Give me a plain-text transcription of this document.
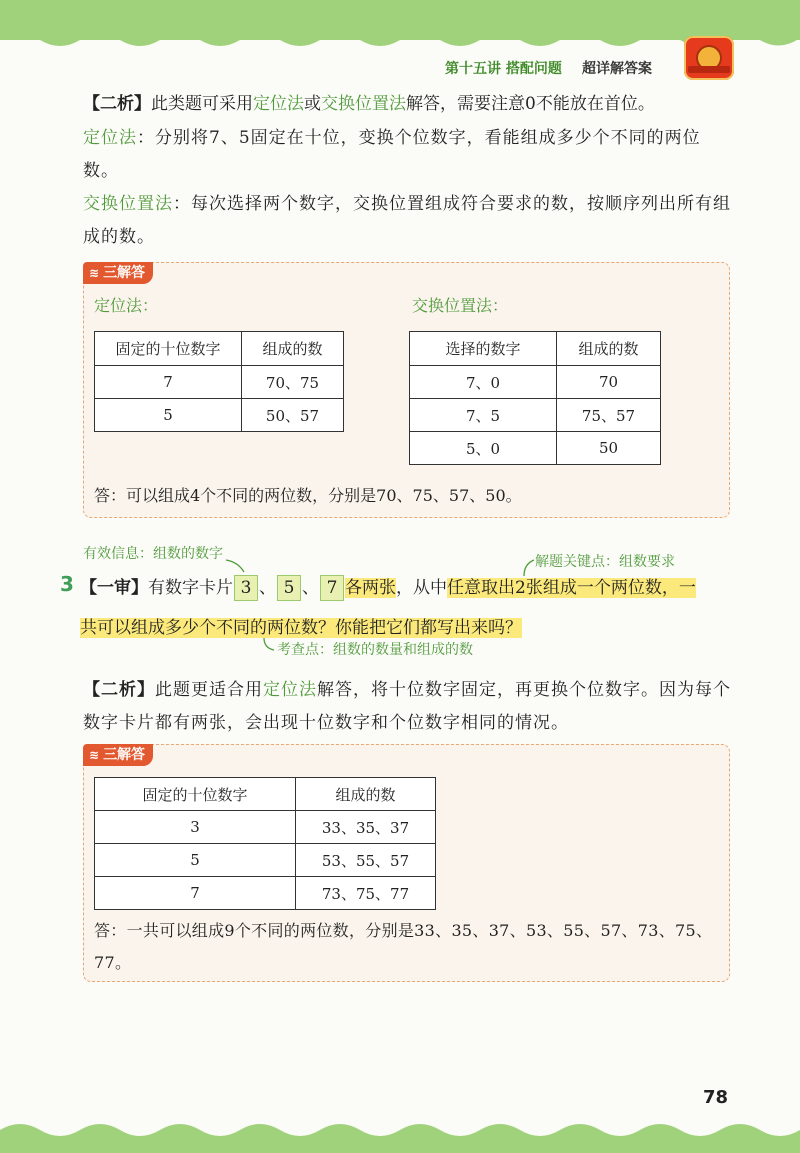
第十五讲 搭配问题 超详解答案
【二析】此类题可采用定位法或交换位置法解答，需要注意0不能放在首位。
定位法：分别将7、5固定在十位，变换个位数字，看能组成多少个不同的两位数。
交换位置法：每次选择两个数字，交换位置组成符合要求的数，按顺序列出所有组成的数。
≋ 三解答
定位法：	交换位置法：
固定的十位数字	组成的数
7	70、75
5	50、57
选择的数字	组成的数
7、0	70
7、5	75、57
5、0	50
答：可以组成4个不同的两位数，分别是70、75、57、50。
有效信息：组数的数字	解题关键点：组数要求
3 【一审】有数字卡片 3 、 5 、 7 各两张，从中任意取出2张组成一个两位数，一
共可以组成多少个不同的两位数？你能把它们都写出来吗？
考查点：组数的数量和组成的数
【二析】此题更适合用定位法解答，将十位数字固定，再更换个位数字。因为每个数字卡片都有两张，会出现十位数字和个位数字相同的情况。
≋ 三解答
固定的十位数字	组成的数
3	33、35、37
5	53、55、57
7	73、75、77
答：一共可以组成9个不同的两位数，分别是33、35、37、53、55、57、73、75、77。
78
